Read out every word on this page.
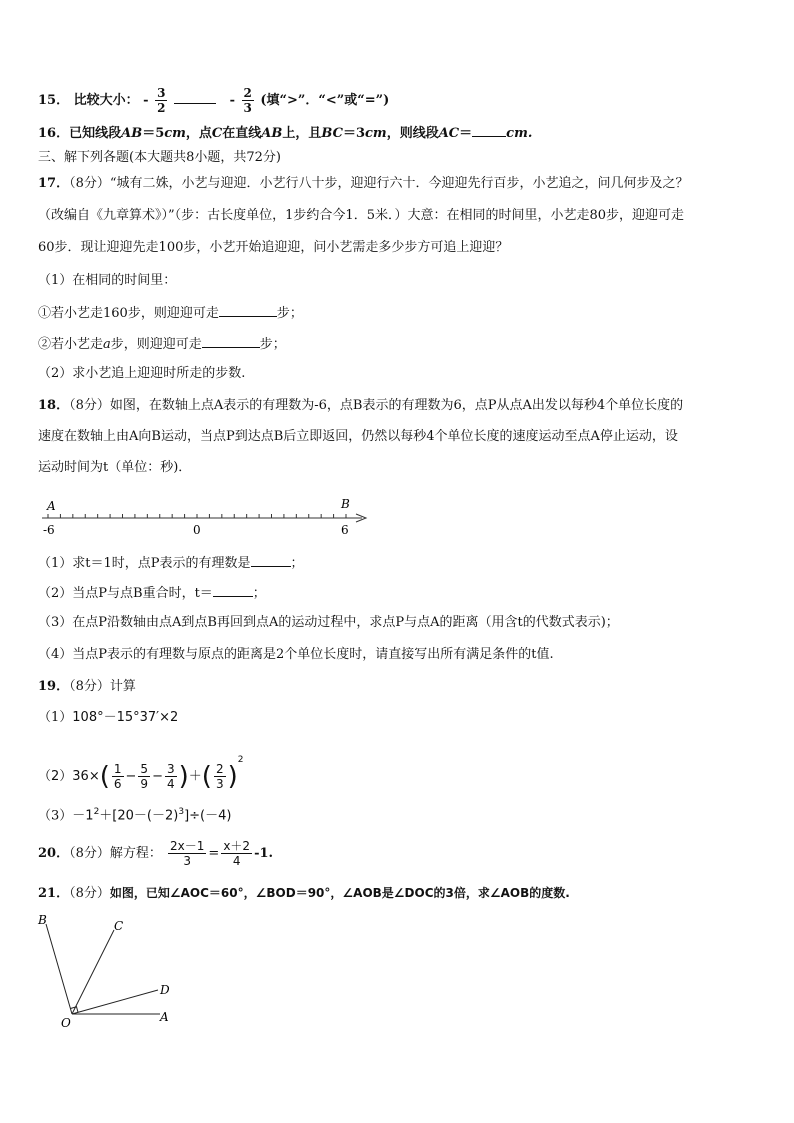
15． 比较大小： - $\frac{3}{2}$	- $\frac{2}{3}$ (填“>”．“<”或“=”)
16．已知线段AB＝5cm，点C在直线AB上，且BC＝3cm，则线段AC＝	cm.
三、解下列各题(本大题共8小题，共72分)
17．（8分）“城有二姝，小艺与迎迎．小艺行八十步，迎迎行六十．今迎迎先行百步，小艺追之，问几何步及之？
（改编自《九章算术》）”（步：古长度单位，1步约合今1．5米．）大意：在相同的时间里，小艺走80步，迎迎可走
60步．现让迎迎先走100步，小艺开始追迎迎，问小艺需走多少步方可追上迎迎？
（1）在相同的时间里：
①若小艺走160步，则迎迎可走	步；
②若小艺走a步，则迎迎可走	步；
（2）求小艺追上迎迎时所走的步数.
18．（8分）如图，在数轴上点A表示的有理数为-6，点B表示的有理数为6，点P从点A出发以每秒4个单位长度的
速度在数轴上由A向B运动，当点P到达点B后立即返回，仍然以每秒4个单位长度的速度运动至点A停止运动，设
运动时间为t（单位：秒)．
A	B
-6	0	6
（1）求t＝1时，点P表示的有理数是	；
（2）当点P与点B重合时，t＝	；
（3）在点P沿数轴由点A到点B再回到点A的运动过程中，求点P与点A的距离（用含t的代数式表示)；
（4）当点P表示的有理数与原点的距离是2个单位长度时，请直接写出所有满足条件的t值.
19．（8分）计算
（1）108°－15°37′×2
$(2)36\times( \frac{1}{6} - \frac{5}{9} - \frac{3}{4}$ )＋( $\frac{2}{3} )^2$
$(3)-1^2+[20-(-2)^3]\div(-4)$
20．（8分）解方程： $\frac{2x-1}{3} = \frac{x+2}{4} -1$.
21．（8分）如图，已知∠AOC＝60°，∠BOD＝90°，∠AOB是∠DOC的3倍，求∠AOB的度数.
O	A
B	C
D
